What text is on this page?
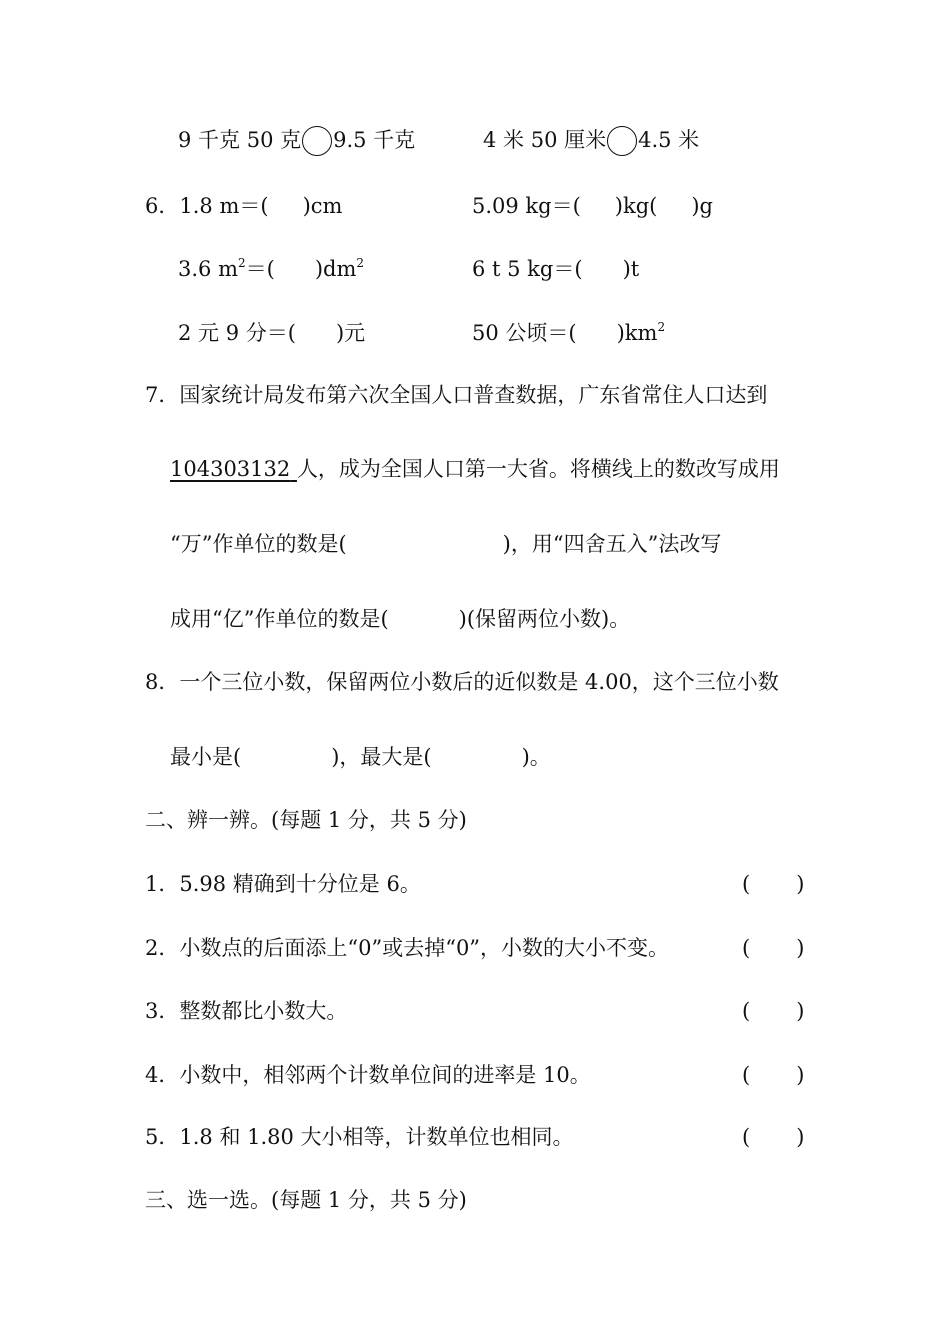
9 千克 50 克 9.5 千克	4 米 50 厘米 4.5 米
6．1.8 m＝( )cm	5.09 kg＝( )kg( )g
3.6 $m^2=$( )$dm^2$	6 t 5 kg＝( )t
2 元 9 分＝( )元	50 公顷＝( )$km^2$
7．国家统计局发布第六次全国人口普查数据，广东省常住人口达到
104303132 人，成为全国人口第一大省。将横线上的数改写成用
“万”作单位的数是(	)，用“四舍五入”法改写
成用“亿”作单位的数是(	)(保留两位小数)。
8．一个三位小数，保留两位小数后的近似数是 4.00，这个三位小数
最小是(	)，最大是(	)。
二、辨一辨。(每题 1 分，共 5 分)
1．5.98 精确到十分位是 6。	( )
2．小数点的后面添上“0”或去掉“0”，小数的大小不变。	( )
3．整数都比小数大。	( )
4．小数中，相邻两个计数单位间的进率是 10。	( )
5．1.8 和 1.80 大小相等，计数单位也相同。	( )
三、选一选。(每题 1 分，共 5 分)
